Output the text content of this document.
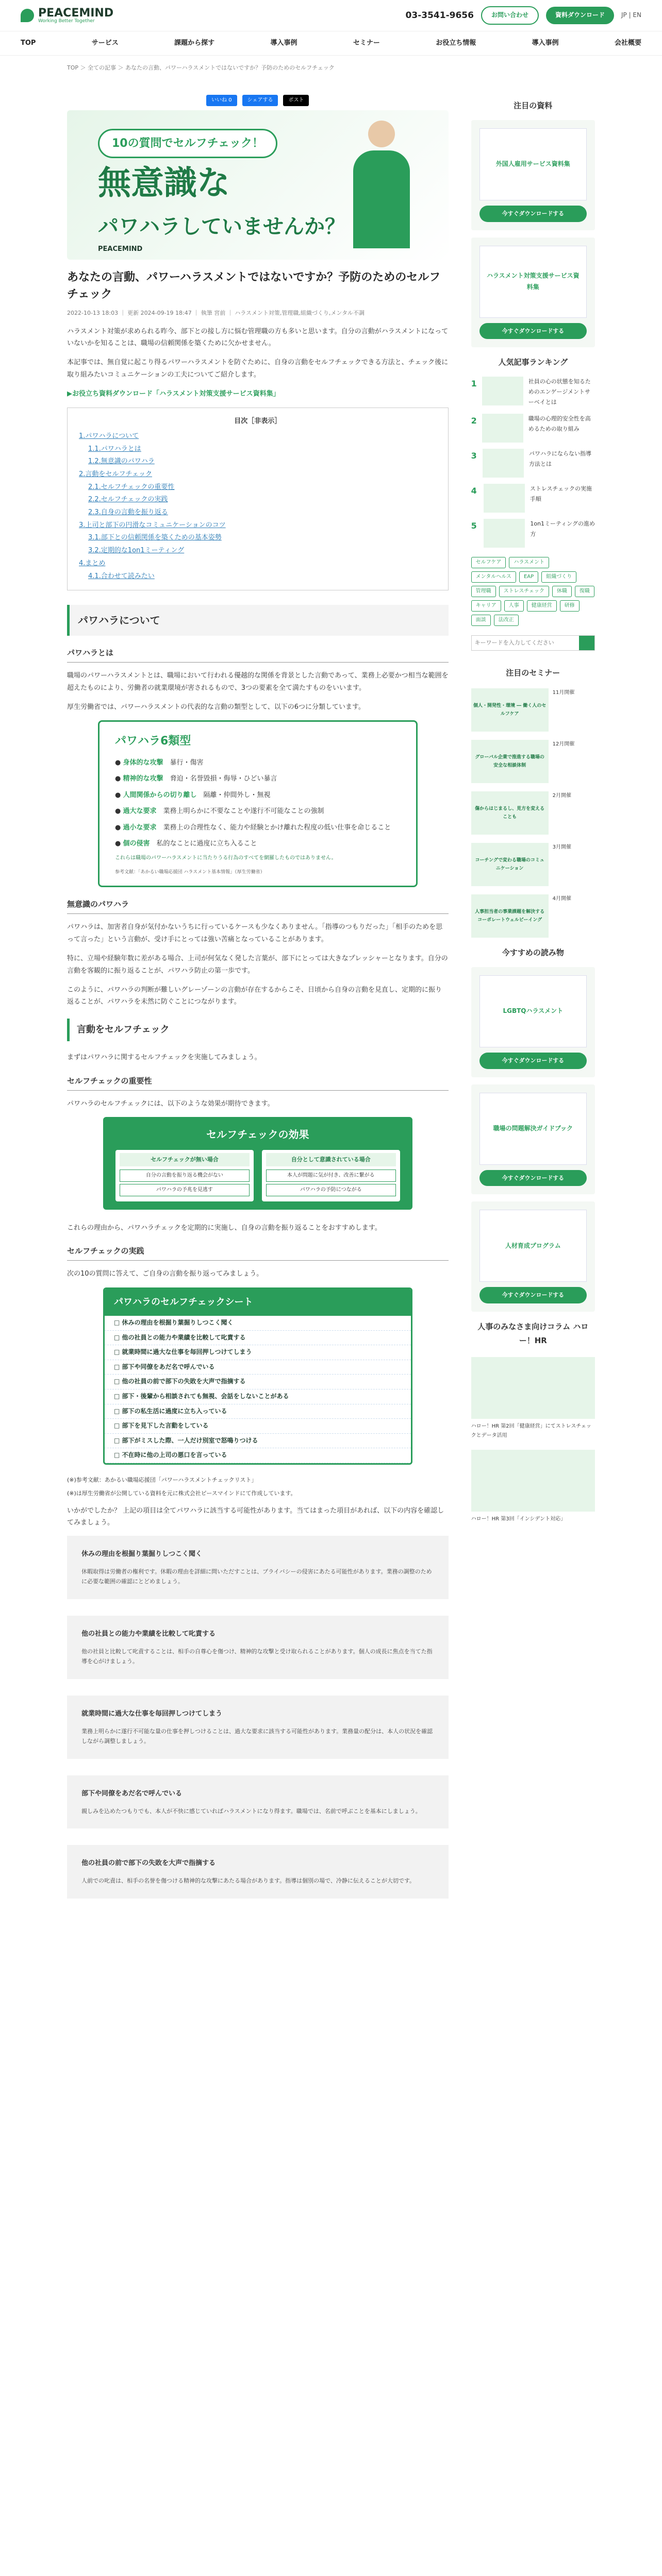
PEACEMIND
Working Better Together
03-3541-9656	お問い合わせ	資料ダウンロード	JP | EN
TOP	サービス	課題から探す	導入事例	セミナー	お役立ち情報	導入事例	会社概要
TOP ＞ 全ての記事 ＞ あなたの言動、パワーハラスメントではないですか？予防のためのセルフチェック
いいね 0	シェアする	ポスト
10の質問でセルフチェック！
無意識な
パワハラしていませんか？
PEACEMIND
あなたの言動、パワーハラスメントではないですか？予防のためのセルフチェック
2022-10-13 18:03 ｜ 更新 2024-09-19 18:47 ｜ 執筆 宮前 ｜ ハラスメント対策,管理職,組織づくり,メンタル不調

ハラスメント対策が求められる昨今、部下との接し方に悩む管理職の方も多いと思います。自分の言動がハラスメントになっていないかを知ることは、職場の信頼関係を築くために欠かせません。

本記事では、無自覚に起こり得るパワーハラスメントを防ぐために、自身の言動をセルフチェックできる方法と、チェック後に取り組みたいコミュニケーションの工夫についてご紹介します。

▶お役立ち資料ダウンロード「ハラスメント対策支援サービス資料集」
目次［非表示］
1.パワハラについて
1.1.パワハラとは
1.2.無意識のパワハラ
2.言動をセルフチェック
2.1.セルフチェックの重要性
2.2.セルフチェックの実践
2.3.自身の言動を振り返る
3.上司と部下の円滑なコミュニケーションのコツ
3.1.部下との信頼関係を築くための基本姿勢
3.2.定期的な1on1ミーティング
4.まとめ
4.1.合わせて読みたい
パワハラについて
パワハラとは

職場のパワーハラスメントとは、職場において行われる優越的な関係を背景とした言動であって、業務上必要かつ相当な範囲を超えたものにより、労働者の就業環境が害されるもので、3つの要素を全て満たすものをいいます。

厚生労働省では、パワーハラスメントの代表的な言動の類型として、以下の6つに分類しています。

パワハラ6類型
● 身体的な攻撃　 暴行・傷害
● 精神的な攻撃　 脅迫・名誉毀損・侮辱・ひどい暴言
● 人間関係からの切り離し　 隔離・仲間外し・無視
● 過大な要求　 業務上明らかに不要なことや遂行不可能なことの強制
● 過小な要求　 業務上の合理性なく、能力や経験とかけ離れた程度の低い仕事を命じること
● 個の侵害　 私的なことに過度に立ち入ること
これらは職場のパワーハラスメントに当たりうる行為のすべてを網羅したものではありません。
参考文献：「あかるい職場応援団 ハラスメント基本情報」（厚生労働省）
無意識のパワハラ

パワハラは、加害者自身が気付かないうちに行っているケースも少なくありません。「指導のつもりだった」「相手のためを思って言った」という言動が、受け手にとっては強い苦痛となっていることがあります。

特に、立場や経験年数に差がある場合、上司が何気なく発した言葉が、部下にとっては大きなプレッシャーとなります。自分の言動を客観的に振り返ることが、パワハラ防止の第一歩です。

このように、パワハラの判断が難しいグレーゾーンの言動が存在するからこそ、日頃から自身の言動を見直し、定期的に振り返ることが、パワハラを未然に防ぐことにつながります。

言動をセルフチェック

まずはパワハラに関するセルフチェックを実施してみましょう。

セルフチェックの重要性

パワハラのセルフチェックには、以下のような効果が期待できます。

セルフチェックの効果
セルフチェックが無い場合
自分の言動を振り返る機会がない
パワハラの予兆を見逃す
自分として意識されている場合
本人が問題に気が付き、改善に繋がる
パワハラの予防につながる

これらの理由から、パワハラチェックを定期的に実施し、自身の言動を振り返ることをおすすめします。

セルフチェックの実践

次の10の質問に答えて、ご自身の言動を振り返ってみましょう。

パワハラのセルフチェックシート
□ 休みの理由を根掘り葉掘りしつこく聞く
□ 他の社員との能力や業績を比較して叱責する
□ 就業時間に過大な仕事を毎回押しつけてしまう
□ 部下や同僚をあだ名で呼んでいる
□ 他の社員の前で部下の失敗を大声で指摘する
□ 部下・後輩から相談されても無視、会話をしないことがある
□ 部下の私生活に過度に立ち入っている
□ 部下を見下した言動をしている
□ 部下がミスした際、一人だけ別室で怒鳴りつける
□ 不在時に他の上司の悪口を言っている
(※)参考文献：あかるい職場応援団「パワーハラスメントチェックリスト」
(※)は厚生労働省が公開している資料を元に株式会社ピースマインドにて作成しています。

いかがでしたか？ 上記の項目は全てパワハラに該当する可能性があります。当てはまった項目があれば、以下の内容を確認してみましょう。

休みの理由を根掘り葉掘りしつこく聞く
休暇取得は労働者の権利です。休暇の理由を詳細に問いただすことは、プライバシーの侵害にあたる可能性があります。業務の調整のために必要な範囲の確認にとどめましょう。
他の社員との能力や業績を比較して叱責する
他の社員と比較して叱責することは、相手の自尊心を傷つけ、精神的な攻撃と受け取られることがあります。個人の成長に焦点を当てた指導を心がけましょう。
就業時間に過大な仕事を毎回押しつけてしまう
業務上明らかに遂行不可能な量の仕事を押しつけることは、過大な要求に該当する可能性があります。業務量の配分は、本人の状況を確認しながら調整しましょう。
部下や同僚をあだ名で呼んでいる
親しみを込めたつもりでも、本人が不快に感じていればハラスメントになり得ます。職場では、名前で呼ぶことを基本にしましょう。
他の社員の前で部下の失敗を大声で指摘する
人前での叱責は、相手の名誉を傷つける精神的な攻撃にあたる場合があります。指導は個別の場で、冷静に伝えることが大切です。
注目の資料
外国人雇用サービス資料集
今すぐダウンロードする
ハラスメント対策支援サービス資料集
今すぐダウンロードする
人気記事ランキング
1	社員の心の状態を知るためのエンゲージメントサーベイとは
2	職場の心理的安全性を高めるための取り組み
3	パワハラにならない指導方法とは
4	ストレスチェックの実施手順
5	1on1ミーティングの進め方
セルフケア	ハラスメント
メンタルヘルス	EAP	組織づくり
管理職	ストレスチェック	休職	復職
キャリア	人事	健康経営	研修
面談	法改正
キーワードを入力してください
注目のセミナー
個人・開発性・環境 ― 働く人のセルフケア
11月開催
グローバル企業で推進する職場の安全な相談体制
12月開催
傷からはじまるし、見方を変えることも
2月開催
コーチングで変わる職場のコミュニケーション
3月開催
人事担当者の事業課題を解決するコーポレートウェルビーイング
4月開催
今すすめの読み物
LGBTQハラスメント
今すぐダウンロードする
職場の問題解決ガイドブック
今すぐダウンロードする
人材育成プログラム
今すぐダウンロードする
人事のみなさま向けコラム ハロー！HR
ハロー！HR 第2回「健康経営」にてストレスチェックとデータ活用
ハロー！HR 第3回「インシデント対応」
